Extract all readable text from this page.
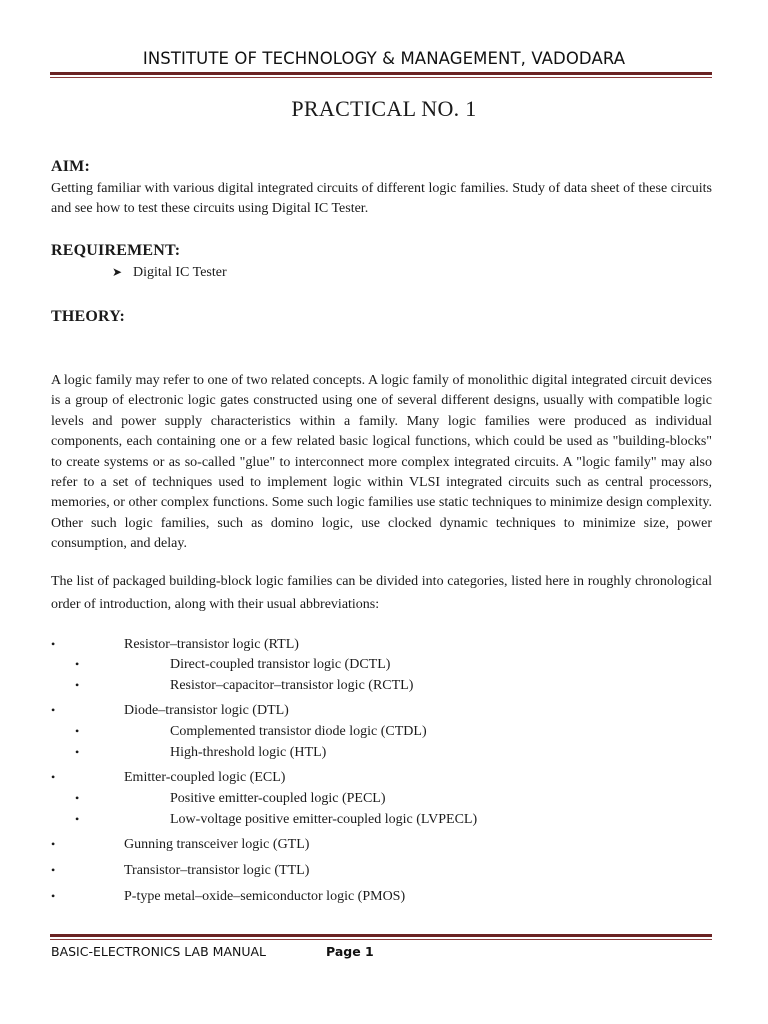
INSTITUTE OF TECHNOLOGY & MANAGEMENT, VADODARA
PRACTICAL NO. 1
AIM:
Getting familiar with various digital integrated circuits of different logic families. Study of data sheet of these circuits and see how to test these circuits using Digital IC Tester.
REQUIREMENT:
➤ Digital IC Tester
THEORY:
A logic family may refer to one of two related concepts. A logic family of monolithic digital integrated circuit devices is a group of electronic logic gates constructed using one of several different designs, usually with compatible logic levels and power supply characteristics within a family. Many logic families were produced as individual components, each containing one or a few related basic logical functions, which could be used as "building-blocks" to create systems or as so-called "glue" to interconnect more complex integrated circuits. A "logic family" may also refer to a set of techniques used to implement logic within VLSI integrated circuits such as central processors, memories, or other complex functions. Some such logic families use static techniques to minimize design complexity. Other such logic families, such as domino logic, use clocked dynamic techniques to minimize size, power consumption, and delay.
The list of packaged building-block logic families can be divided into categories, listed here in roughly chronological order of introduction, along with their usual abbreviations:
•	Resistor–transistor logic (RTL)
•	Direct-coupled transistor logic (DCTL)
•	Resistor–capacitor–transistor logic (RCTL)
•	Diode–transistor logic (DTL)
•	Complemented transistor diode logic (CTDL)
•	High-threshold logic (HTL)
•	Emitter-coupled logic (ECL)
•	Positive emitter-coupled logic (PECL)
•	Low-voltage positive emitter-coupled logic (LVPECL)
•	Gunning transceiver logic (GTL)
•	Transistor–transistor logic (TTL)
•	P-type metal–oxide–semiconductor logic (PMOS)
BASIC-ELECTRONICS LAB MANUAL	Page 1
